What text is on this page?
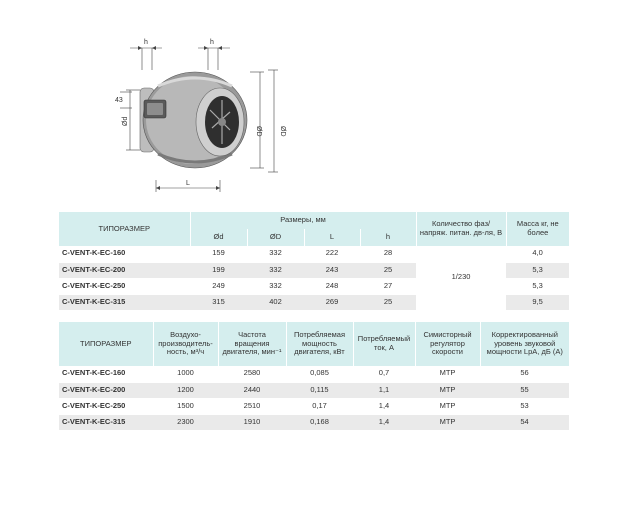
h	h
43
Ød
ØD ØD
L
ТИПОРАЗМЕР	Размеры, мм				Количество фаз/ напряж. питан. дв-ля, В	Масса кг, не более
	Ød	ØD	L	h		
C-VENT-K-EC-160	159	332	222	28	1/230	4,0
C-VENT-K-EC-200	199	332	243	25		5,3
C-VENT-K-EC-250	249	332	248	27		5,3
C-VENT-K-EC-315	315	402	269	25		9,5
ТИПОРАЗМЕР	Воздухо-производитель-ность, м³/ч	Частота вращения двигателя, мин⁻¹	Потребляемая мощность двигателя, кВт	Потребляемый ток, А	Симисторный регулятор скорости	Корректированный уровень звуковой мощности LpA, дБ (А)
C-VENT-K-EC-160	1000	2580	0,085	0,7	MTP	56
C-VENT-K-EC-200	1200	2440	0,115	1,1	MTP	55
C-VENT-K-EC-250	1500	2510	0,17	1,4	MTP	53
C-VENT-K-EC-315	2300	1910	0,168	1,4	MTP	54
